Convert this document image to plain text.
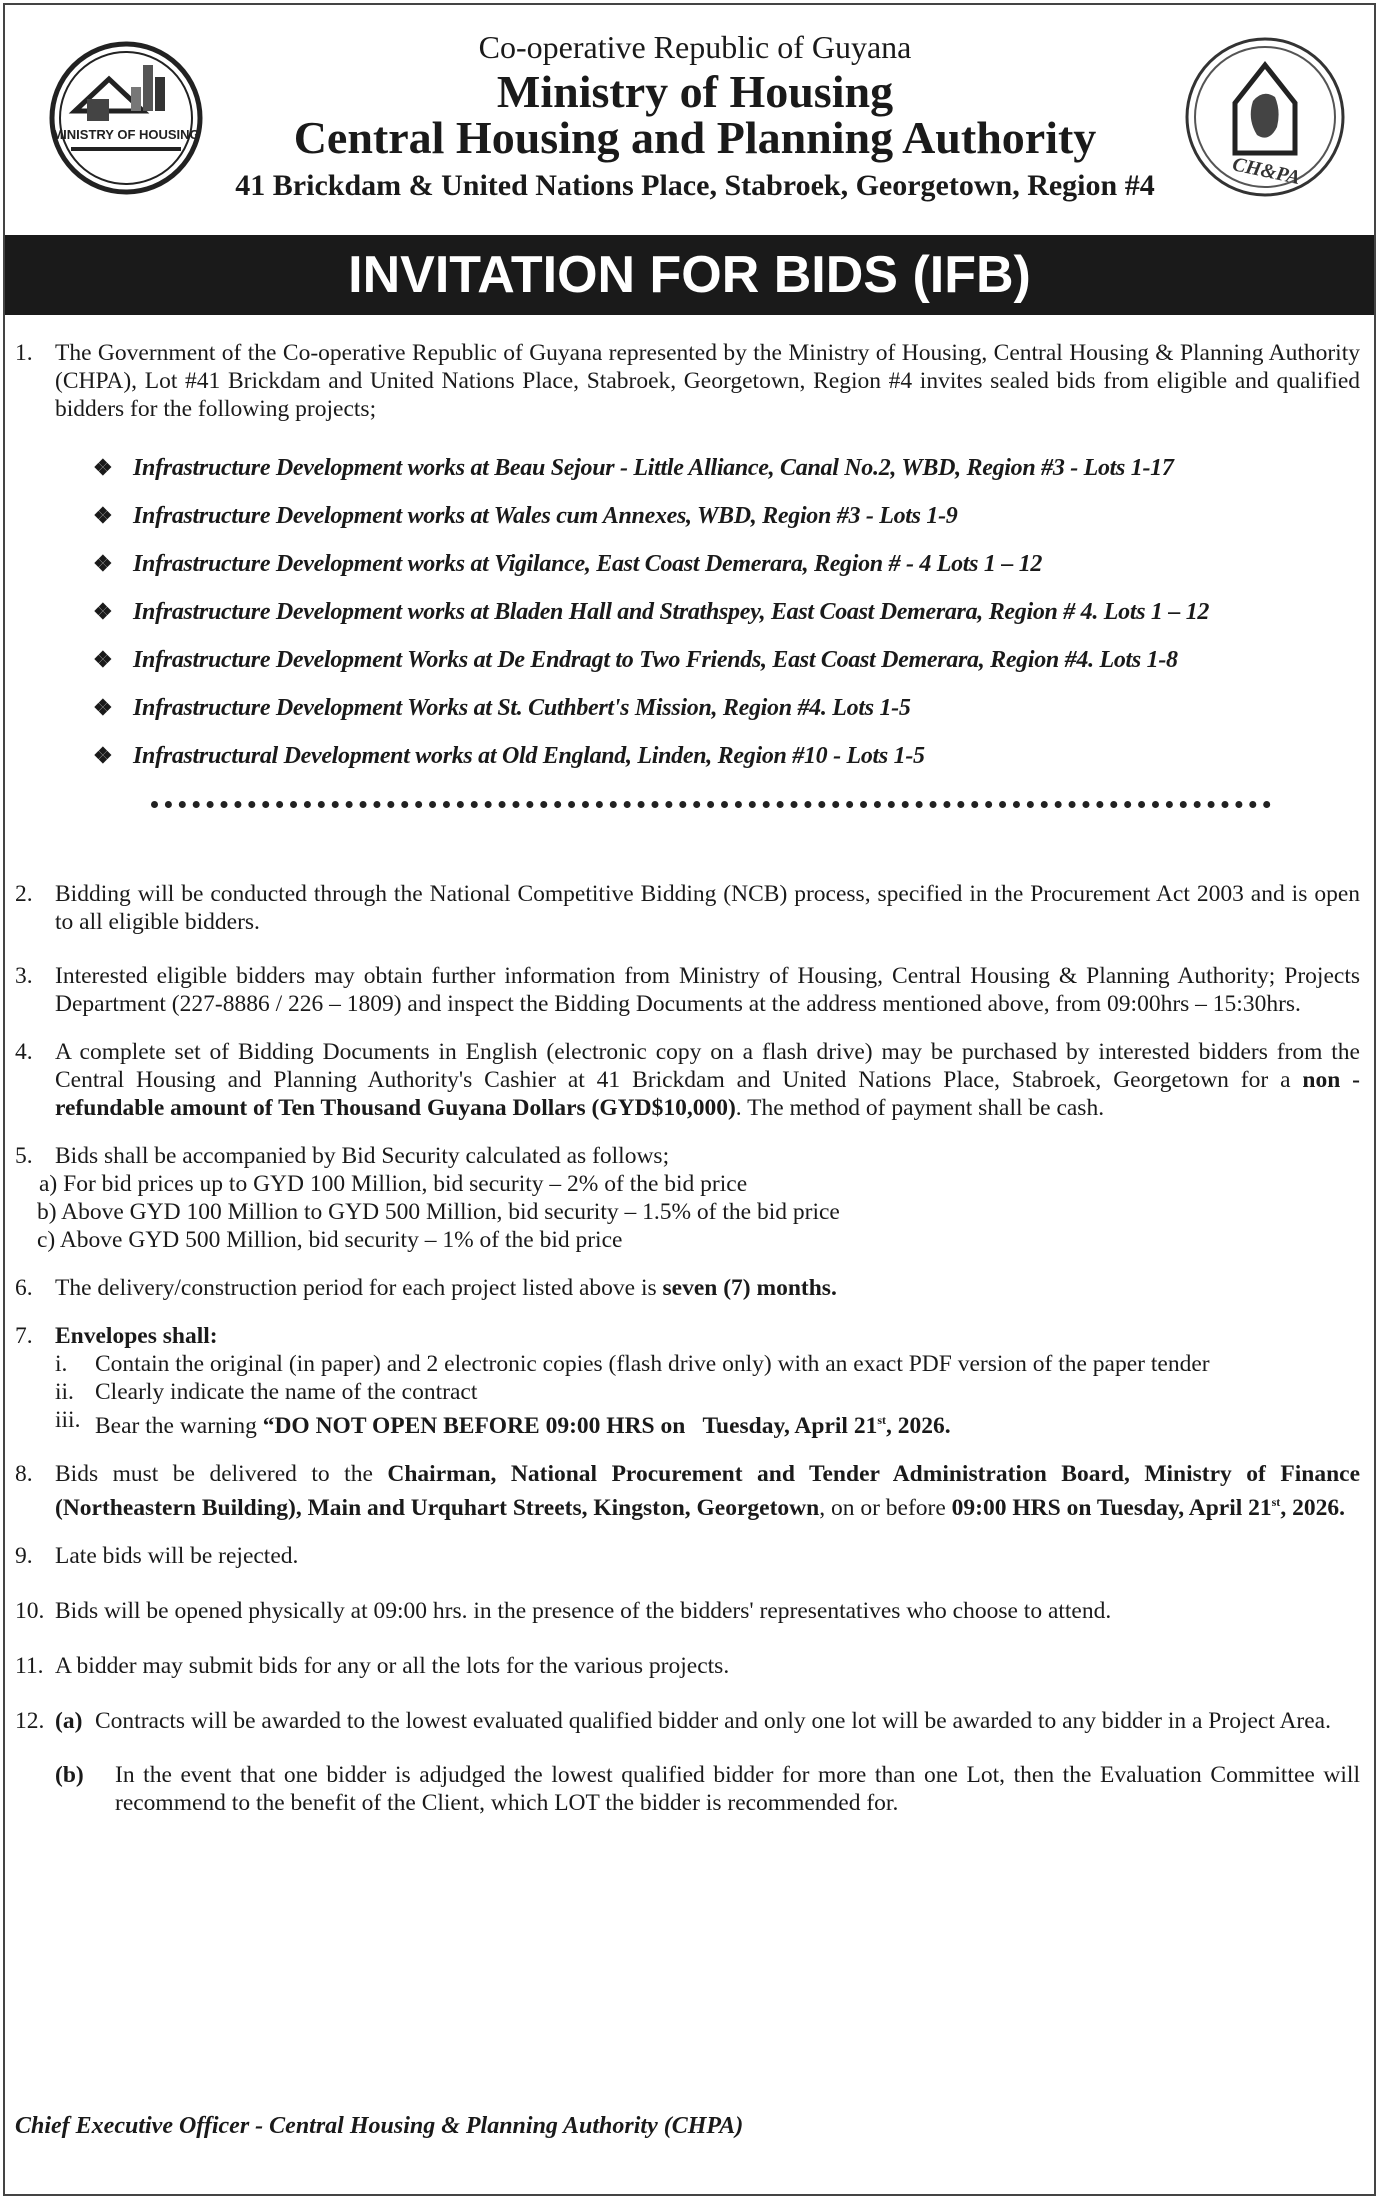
MINISTRY OF HOUSING
Co-operative Republic of Guyana
Ministry of Housing
Central Housing and Planning Authority
41 Brickdam & United Nations Place, Stabroek, Georgetown, Region #4	CH&PA
INVITATION FOR BIDS (IFB)
1. The Government of the Co-operative Republic of Guyana represented by the Ministry of Housing, Central Housing & Planning Authority (CHPA), Lot #41 Brickdam and United Nations Place, Stabroek, Georgetown, Region #4 invites sealed bids from eligible and qualified bidders for the following projects;
❖ Infrastructure Development works at Beau Sejour - Little Alliance, Canal No.2, WBD, Region #3 - Lots 1-17
❖ Infrastructure Development works at Wales cum Annexes, WBD, Region #3 - Lots 1-9
❖ Infrastructure Development works at Vigilance, East Coast Demerara, Region # - 4 Lots 1 – 12
❖ Infrastructure Development works at Bladen Hall and Strathspey, East Coast Demerara, Region # 4. Lots 1 – 12
❖ Infrastructure Development Works at De Endragt to Two Friends, East Coast Demerara, Region #4. Lots 1-8
❖ Infrastructure Development Works at St. Cuthbert's Mission, Region #4. Lots 1-5
❖ Infrastructural Development works at Old England, Linden, Region #10 - Lots 1-5
2. Bidding will be conducted through the National Competitive Bidding (NCB) process, specified in the Procurement Act 2003 and is open to all eligible bidders.
3. Interested eligible bidders may obtain further information from Ministry of Housing, Central Housing & Planning Authority; Projects Department (227-8886 / 226 – 1809) and inspect the Bidding Documents at the address mentioned above, from 09:00hrs – 15:30hrs.
4. A complete set of Bidding Documents in English (electronic copy on a flash drive) may be purchased by interested bidders from the Central Housing and Planning Authority's Cashier at 41 Brickdam and United Nations Place, Stabroek, Georgetown for a non - refundable amount of Ten Thousand Guyana Dollars (GYD$10,000). The method of payment shall be cash.
5. Bids shall be accompanied by Bid Security calculated as follows;
a) For bid prices up to GYD 100 Million, bid security – 2% of the bid price
b) Above GYD 100 Million to GYD 500 Million, bid security – 1.5% of the bid price
c) Above GYD 500 Million, bid security – 1% of the bid price
6. The delivery/construction period for each project listed above is seven (7) months.
7. Envelopes shall:
i. Contain the original (in paper) and 2 electronic copies (flash drive only) with an exact PDF version of the paper tender
ii. Clearly indicate the name of the contract
iii. Bear the warning “DO NOT OPEN BEFORE 09:00 HRS on   Tuesday, April 21st, 2026.
8. Bids must be delivered to the Chairman, National Procurement and Tender Administration Board, Ministry of Finance (Northeastern Building), Main and Urquhart Streets, Kingston, Georgetown, on or before 09:00 HRS on Tuesday, April 21st, 2026.
9. Late bids will be rejected.
10. Bids will be opened physically at 09:00 hrs. in the presence of the bidders' representatives who choose to attend.
11. A bidder may submit bids for any or all the lots for the various projects.
12. (a) Contracts will be awarded to the lowest evaluated qualified bidder and only one lot will be awarded to any bidder in a Project Area.
(b)	In the event that one bidder is adjudged the lowest qualified bidder for more than one Lot, then the Evaluation Committee will recommend to the benefit of the Client, which LOT the bidder is recommended for.
Chief Executive Officer - Central Housing & Planning Authority (CHPA)
